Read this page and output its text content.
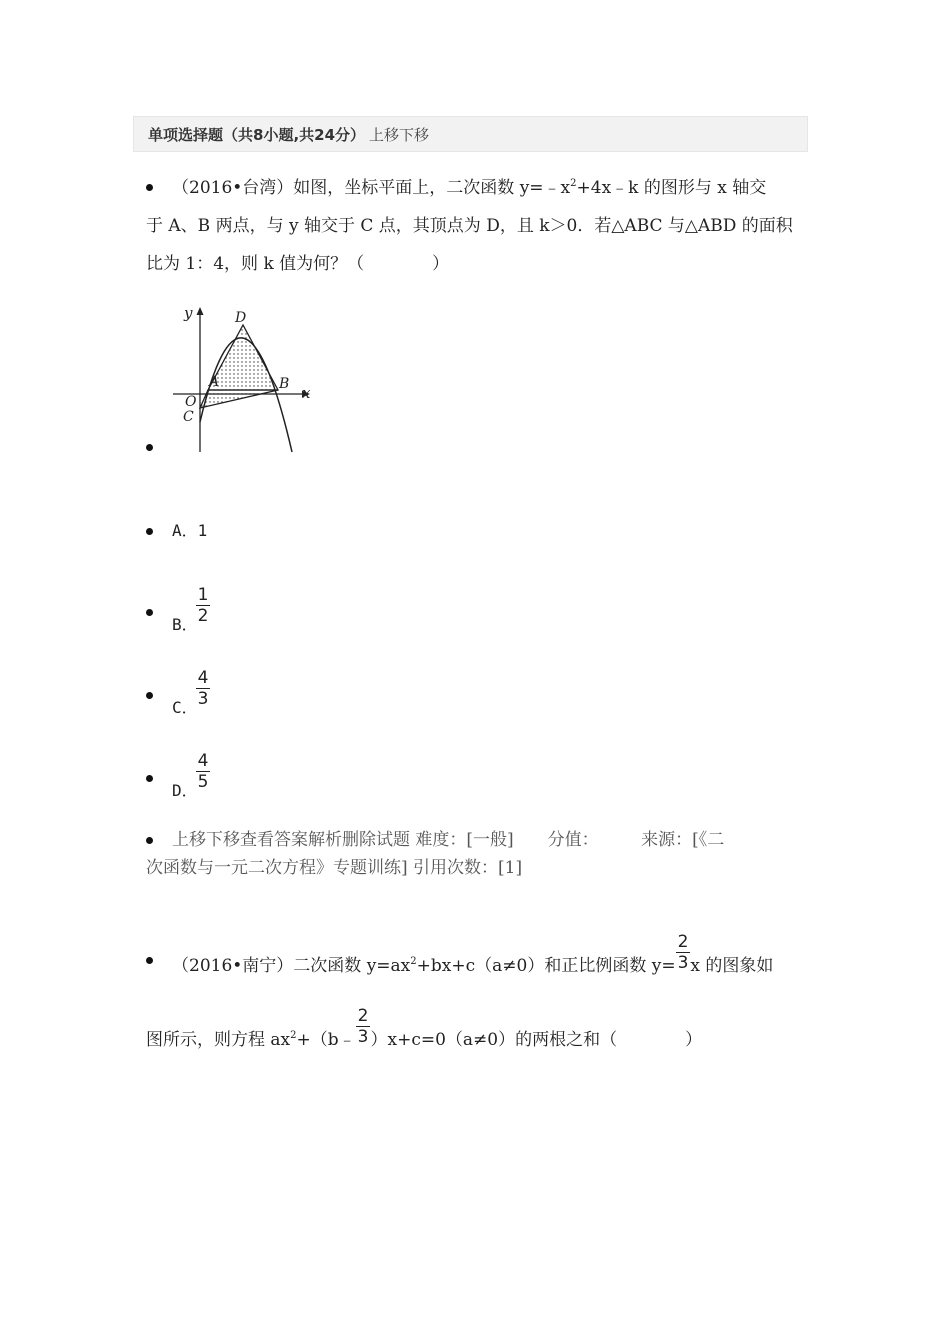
单项选择题（共8小题,共24分） 上移下移
（2016•台湾）如图，坐标平面上，二次函数 $y=﹣x^2+4x﹣k$ 的图形与 x 轴交
于 A、B 两点，与 y 轴交于 C 点，其顶点为 D，且 k＞0．若△ABC 与△ABD 的面积
比为 1：4，则 k 值为何？（　　　　）
y
x
D
A	B
O
C
A．1
B．
$\frac{1}{2}$
C．
$\frac{4}{3}$
D．
$\frac{4}{5}$
上移下移查看答案解析删除试题 难度：[一般]　　分值：　　　来源：[《二
次函数与一元二次方程》专题训练] 引用次数：[1]
（2016•南宁）二次函数 $y=ax^2+bx+c(a\ne 0)$和正比例函数 $y= \frac{2}{3}$ x 的图象如
图所示，则方程 $ax^2+(b﹣ \frac{2}{3} )x+c=0(a\ne 0)$的两根之和（　　　　）
